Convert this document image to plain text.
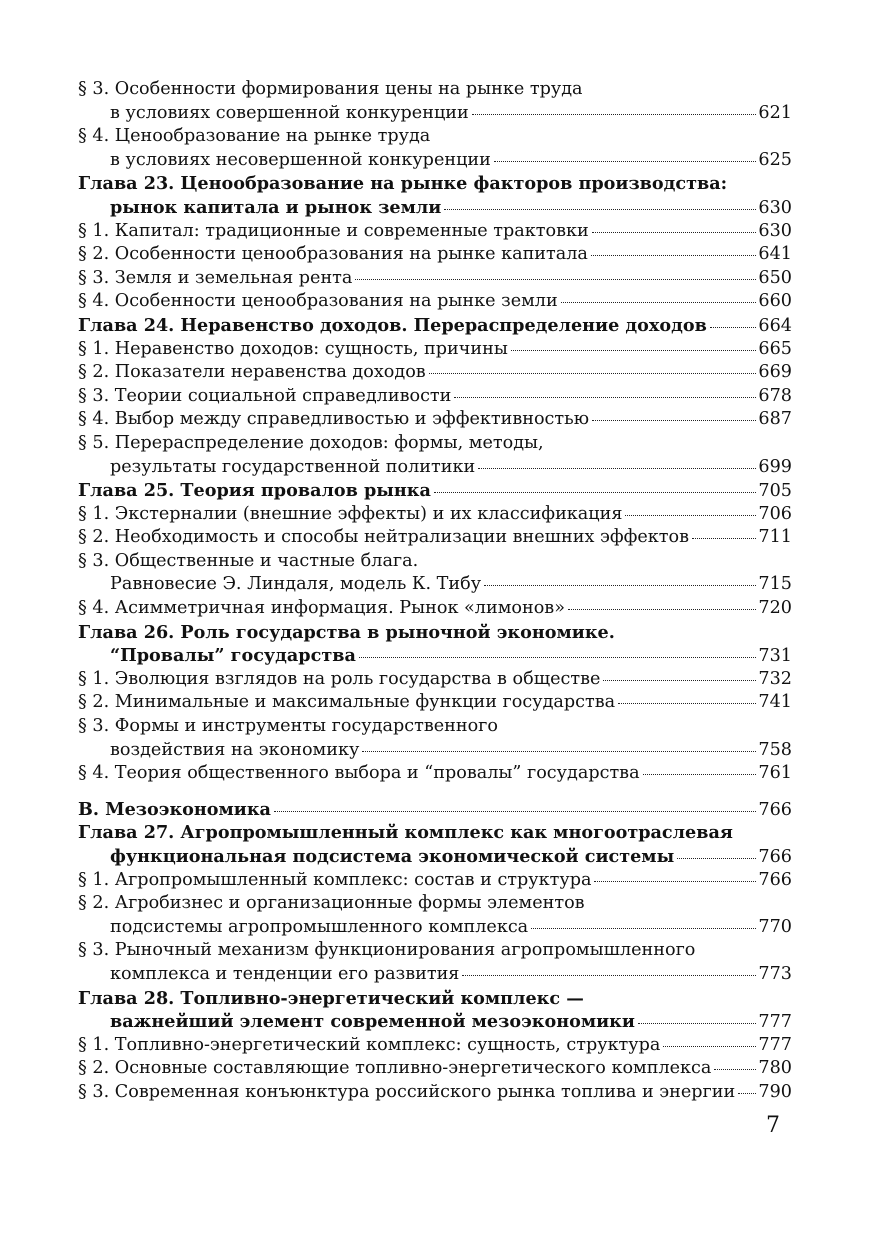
§ 3. Особенности формирования цены на рынке труда
в условиях совершенной конкуренции	621
§ 4. Ценообразование на рынке труда
в условиях несовершенной конкуренции	625
Глава 23. Ценообразование на рынке факторов производства:
рынок капитала и рынок земли	630
§ 1. Капитал: традиционные и современные трактовки	630
§ 2. Особенности ценообразования на рынке капитала	641
§ 3. Земля и земельная рента	650
§ 4. Особенности ценообразования на рынке земли	660
Глава 24. Неравенство доходов. Перераспределение доходов	664
§ 1. Неравенство доходов: сущность, причины	665
§ 2. Показатели неравенства доходов	669
§ 3. Теории социальной справедливости	678
§ 4. Выбор между справедливостью и эффективностью	687
§ 5. Перераспределение доходов: формы, методы,
результаты государственной политики	699
Глава 25. Теория провалов рынка	705
§ 1. Экстерналии (внешние эффекты) и их классификация	706
§ 2. Необходимость и способы нейтрализации внешних эффектов	711
§ 3. Общественные и частные блага.
Равновесие Э. Линдаля, модель К. Тибу	715
§ 4. Асимметричная информация. Рынок «лимонов»	720
Глава 26. Роль государства в рыночной экономике.
“Провалы” государства	731
§ 1. Эволюция взглядов на роль государства в обществе	732
§ 2. Минимальные и максимальные функции государства	741
§ 3. Формы и инструменты государственного
воздействия на экономику	758
§ 4. Теория общественного выбора и “провалы” государства	761
В. Мезоэкономика	766
Глава 27. Агропромышленный комплекс как многоотраслевая
функциональная подсистема экономической системы	766
§ 1. Агропромышленный комплекс: состав и структура	766
§ 2. Агробизнес и организационные формы элементов
подсистемы агропромышленного комплекса	770
§ 3. Рыночный механизм функционирования агропромышленного
комплекса и тенденции его развития	773
Глава 28. Топливно-энергетический комплекс —
важнейший элемент современной мезоэкономики	777
§ 1. Топливно-энергетический комплекс: сущность, структура	777
§ 2. Основные составляющие топливно-энергетического комплекса	780
§ 3. Современная конъюнктура российского рынка топлива и энергии 790
7
